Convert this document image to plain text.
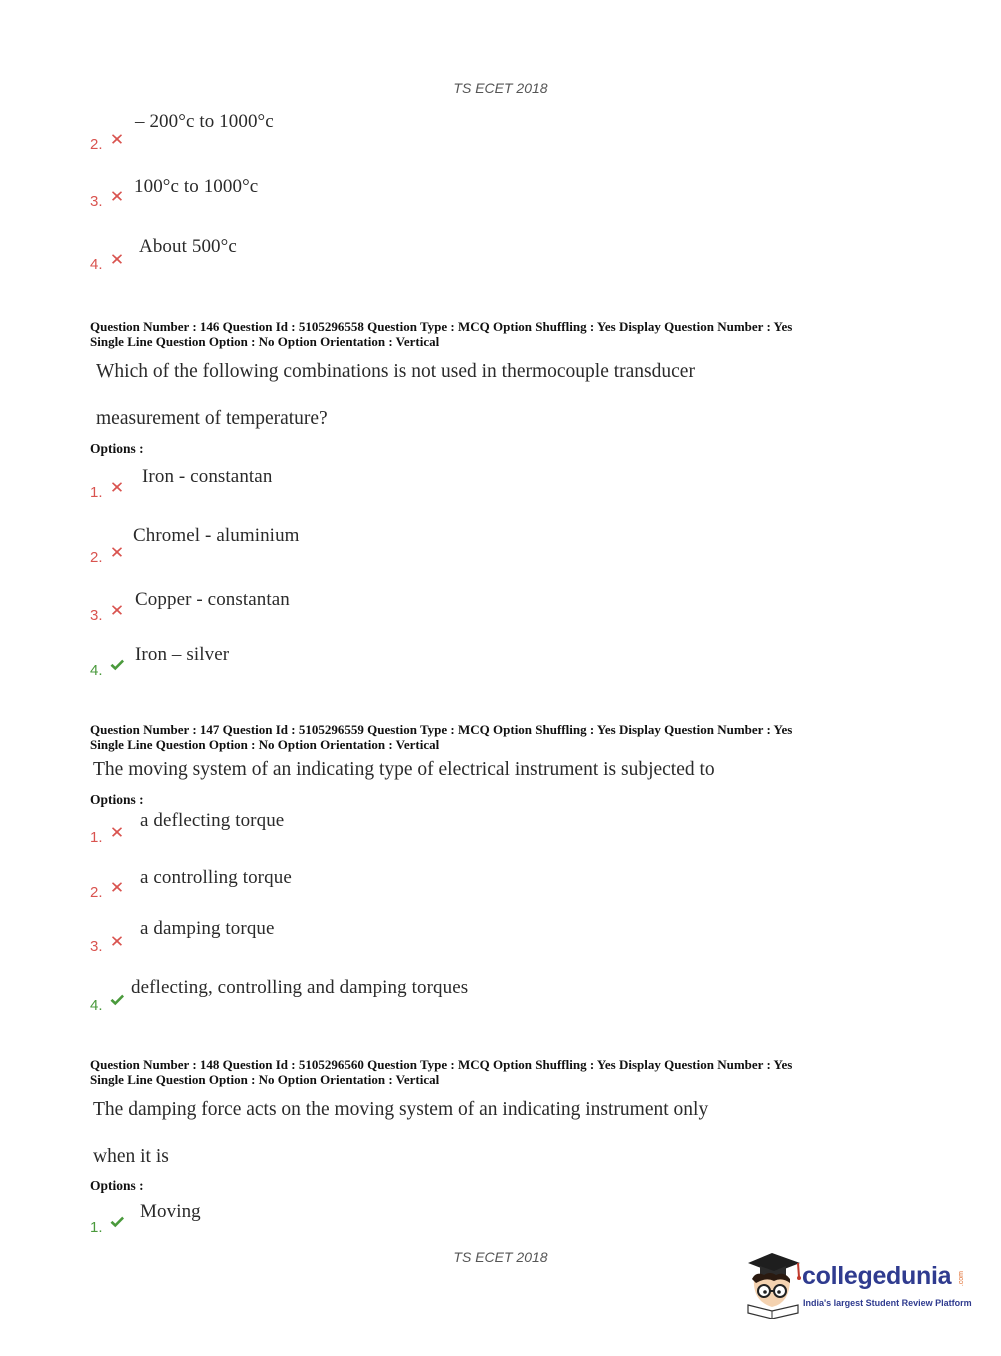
TS ECET 2018
2.
– 200°c to 1000°c
3.
100°c to 1000°c
4.
About 500°c
Question Number : 146 Question Id : 5105296558 Question Type : MCQ Option Shuffling : Yes Display Question Number : Yes
Single Line Question Option : No Option Orientation : Vertical
Which of the following combinations is not used in thermocouple transducer
measurement of temperature?
Options :
1.
Iron - constantan
2.
Chromel - aluminium
3.
Copper - constantan
4.
Iron – silver
Question Number : 147 Question Id : 5105296559 Question Type : MCQ Option Shuffling : Yes Display Question Number : Yes
Single Line Question Option : No Option Orientation : Vertical
The moving system of an indicating type of electrical instrument is subjected to
Options :
1.
a deflecting torque
2.
a controlling torque
3.
a damping torque
4.
deflecting, controlling and damping torques
Question Number : 148 Question Id : 5105296560 Question Type : MCQ Option Shuffling : Yes Display Question Number : Yes
Single Line Question Option : No Option Orientation : Vertical
The damping force acts on the moving system of an indicating instrument only
when it is
Options :
1.
Moving
TS ECET 2018
collegedunia .com
India's largest Student Review Platform
